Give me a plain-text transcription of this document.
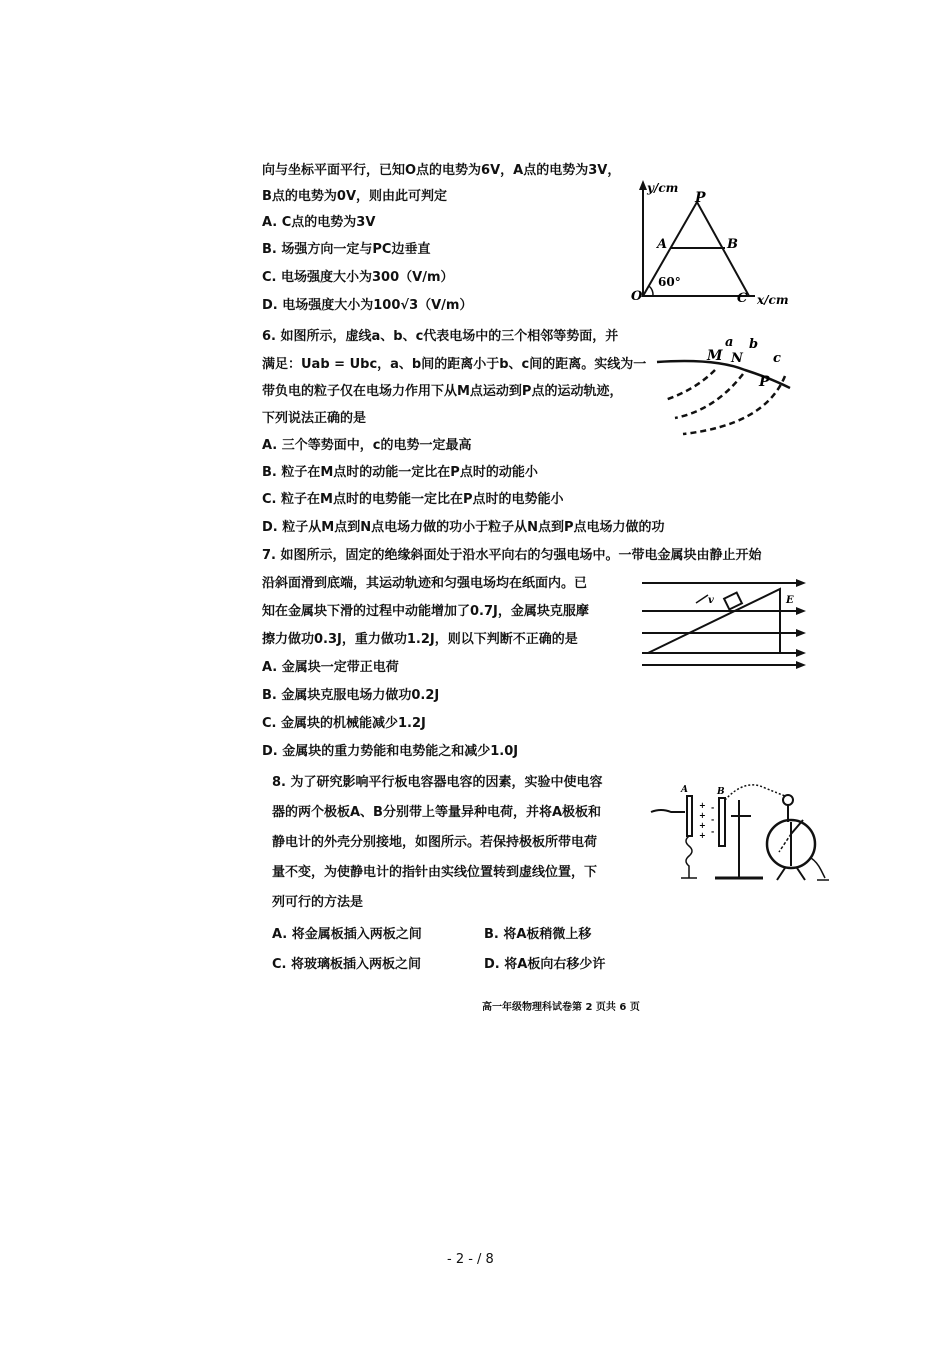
向与坐标平面平行，已知O点的电势为6V，A点的电势为3V，
B点的电势为0V，则由此可判定
A. C点的电势为3V
B. 场强方向一定与PC边垂直
C. 电场强度大小为300（V/m）
D. 电场强度大小为100√3（V/m）
y/cm
P
A	B
60°
O	C x/cm
6. 如图所示，虚线a、b、c代表电场中的三个相邻等势面，并
满足：Uab = Ubc，a、b间的距离小于b、c间的距离。实线为一
带负电的粒子仅在电场力作用下从M点运动到P点的运动轨迹，
下列说法正确的是
A. 三个等势面中，c的电势一定最高
B. 粒子在M点时的动能一定比在P点时的动能小
C. 粒子在M点时的电势能一定比在P点时的电势能小
D. 粒子从M点到N点电场力做的功小于粒子从N点到P点电场力做的功
M N
a b
c
P
7. 如图所示，固定的绝缘斜面处于沿水平向右的匀强电场中。一带电金属块由静止开始
沿斜面滑到底端，其运动轨迹和匀强电场均在纸面内。已
知在金属块下滑的过程中动能增加了0.7J，金属块克服摩
擦力做功0.3J，重力做功1.2J，则以下判断不正确的是
A. 金属块一定带正电荷
B. 金属块克服电场力做功0.2J
C. 金属块的机械能减少1.2J
D. 金属块的重力势能和电势能之和减少1.0J
v	E
8. 为了研究影响平行板电容器电容的因素，实验中使电容
器的两个极板A、B分别带上等量异种电荷，并将A极板和
静电计的外壳分别接地，如图所示。若保持极板所带电荷
量不变，为使静电计的指针由实线位置转到虚线位置，下
列可行的方法是
A. 将金属板插入两板之间	B. 将A板稍微上移
C. 将玻璃板插入两板之间	D. 将A板向右移少许
+
+
+
+
-
-
-
B
A
高一年级物理科试卷第 2 页共 6 页
- 2 - / 8
